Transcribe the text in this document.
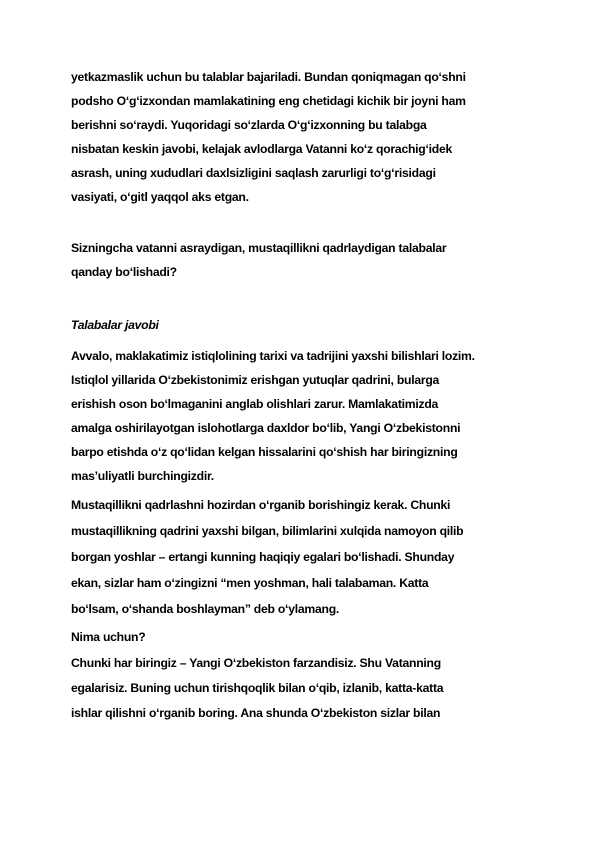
yetkazmaslik uchun bu talablar bajariladi. Bundan qoniqmagan qo‘shni
podsho O‘g‘izxondan mamlakatining eng chetidagi kichik bir joyni ham
berishni so‘raydi. Yuqoridagi so‘zlarda O‘g‘izxonning bu talabga
nisbatan keskin javobi, kelajak avlodlarga Vatanni ko‘z qorachig‘idek
asrash, uning xududlari daxlsizligini saqlash zarurligi to‘g‘risidagi
vasiyati, o‘gitl yaqqol aks etgan.
Sizningcha vatanni asraydigan, mustaqillikni qadrlaydigan talabalar
qanday bo‘lishadi?
Talabalar javobi
Avvalo, maklakatimiz istiqlolining tarixi va tadrijini yaxshi bilishlari lozim.
Istiqlol yillarida O‘zbekistonimiz erishgan yutuqlar qadrini, bularga
erishish oson bo‘lmaganini anglab olishlari zarur. Mamlakatimizda
amalga oshirilayotgan islohotlarga daxldor bo‘lib, Yangi O‘zbekistonni
barpo etishda o‘z qo‘lidan kelgan hissalarini qo‘shish har biringizning
mas’uliyatli burchingizdir.
Mustaqillikni qadrlashni hozirdan o‘rganib borishingiz kerak. Chunki
mustaqillikning qadrini yaxshi bilgan, bilimlarini xulqida namoyon qilib
borgan yoshlar – ertangi kunning haqiqiy egalari bo‘lishadi. Shunday
ekan, sizlar ham o‘zingizni “men yoshman, hali talabaman. Katta
bo‘lsam, o‘shanda boshlayman” deb o‘ylamang.
Nima uchun?
Chunki har biringiz – Yangi O‘zbekiston farzandisiz. Shu Vatanning
egalarisiz. Buning uchun tirishqoqlik bilan o‘qib, izlanib, katta-katta
ishlar qilishni o‘rganib boring. Ana shunda O‘zbekiston sizlar bilan
